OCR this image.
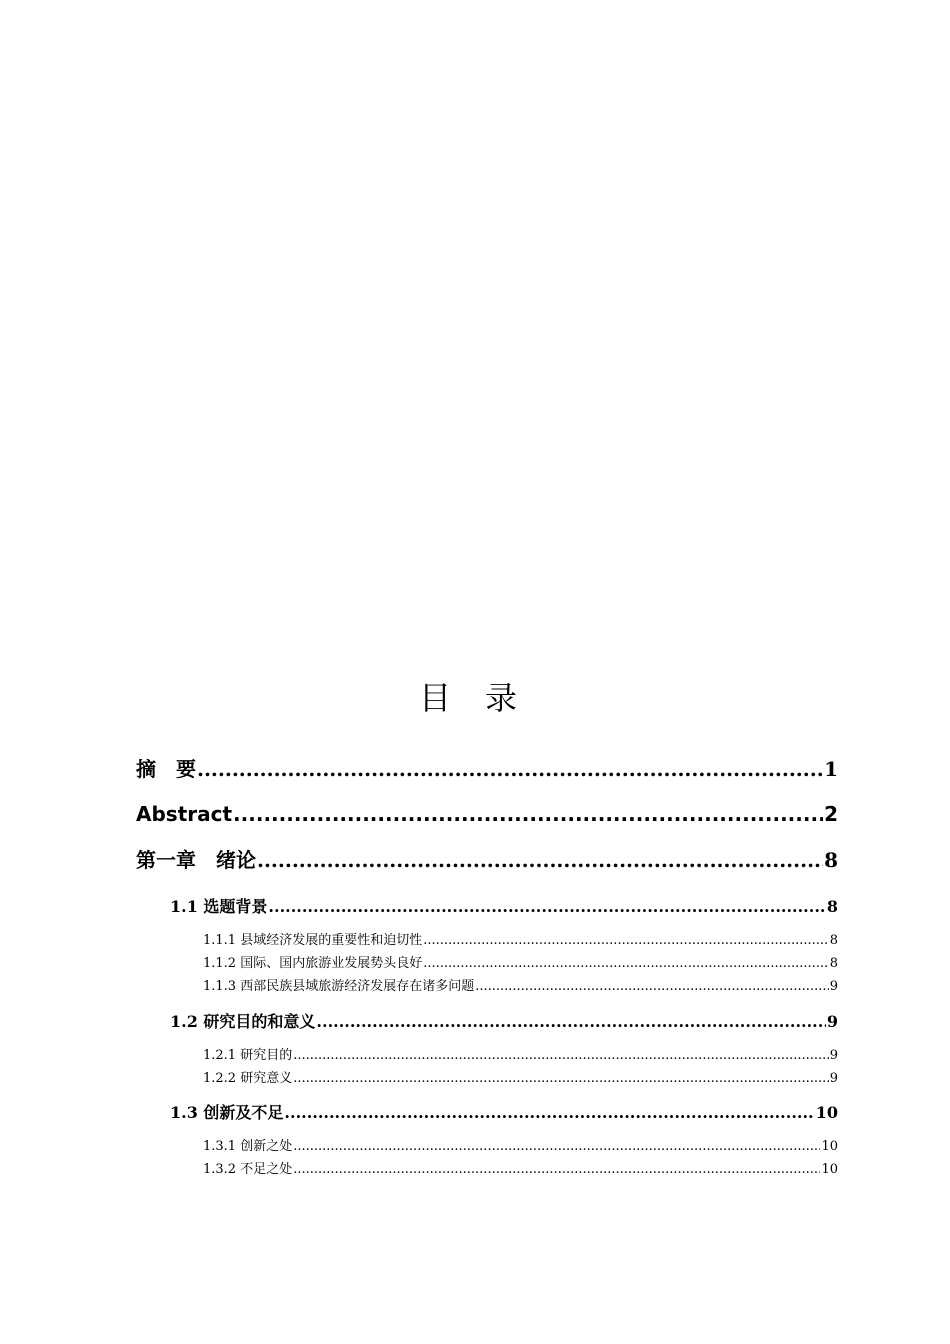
目录
摘　要 .....	1
Abstract .....	2
第一章　绪论 .....	8
1.1 选题背景 .....	8
1.1.1 县域经济发展的重要性和迫切性 .....	8
1.1.2 国际、国内旅游业发展势头良好 .....	8
1.1.3 西部民族县域旅游经济发展存在诸多问题 .....	9
1.2 研究目的和意义 .....	9
1.2.1 研究目的 .....	9
1.2.2 研究意义 .....	9
1.3 创新及不足 .....	10
1.3.1 创新之处 .....	10
1.3.2 不足之处 .....	10
